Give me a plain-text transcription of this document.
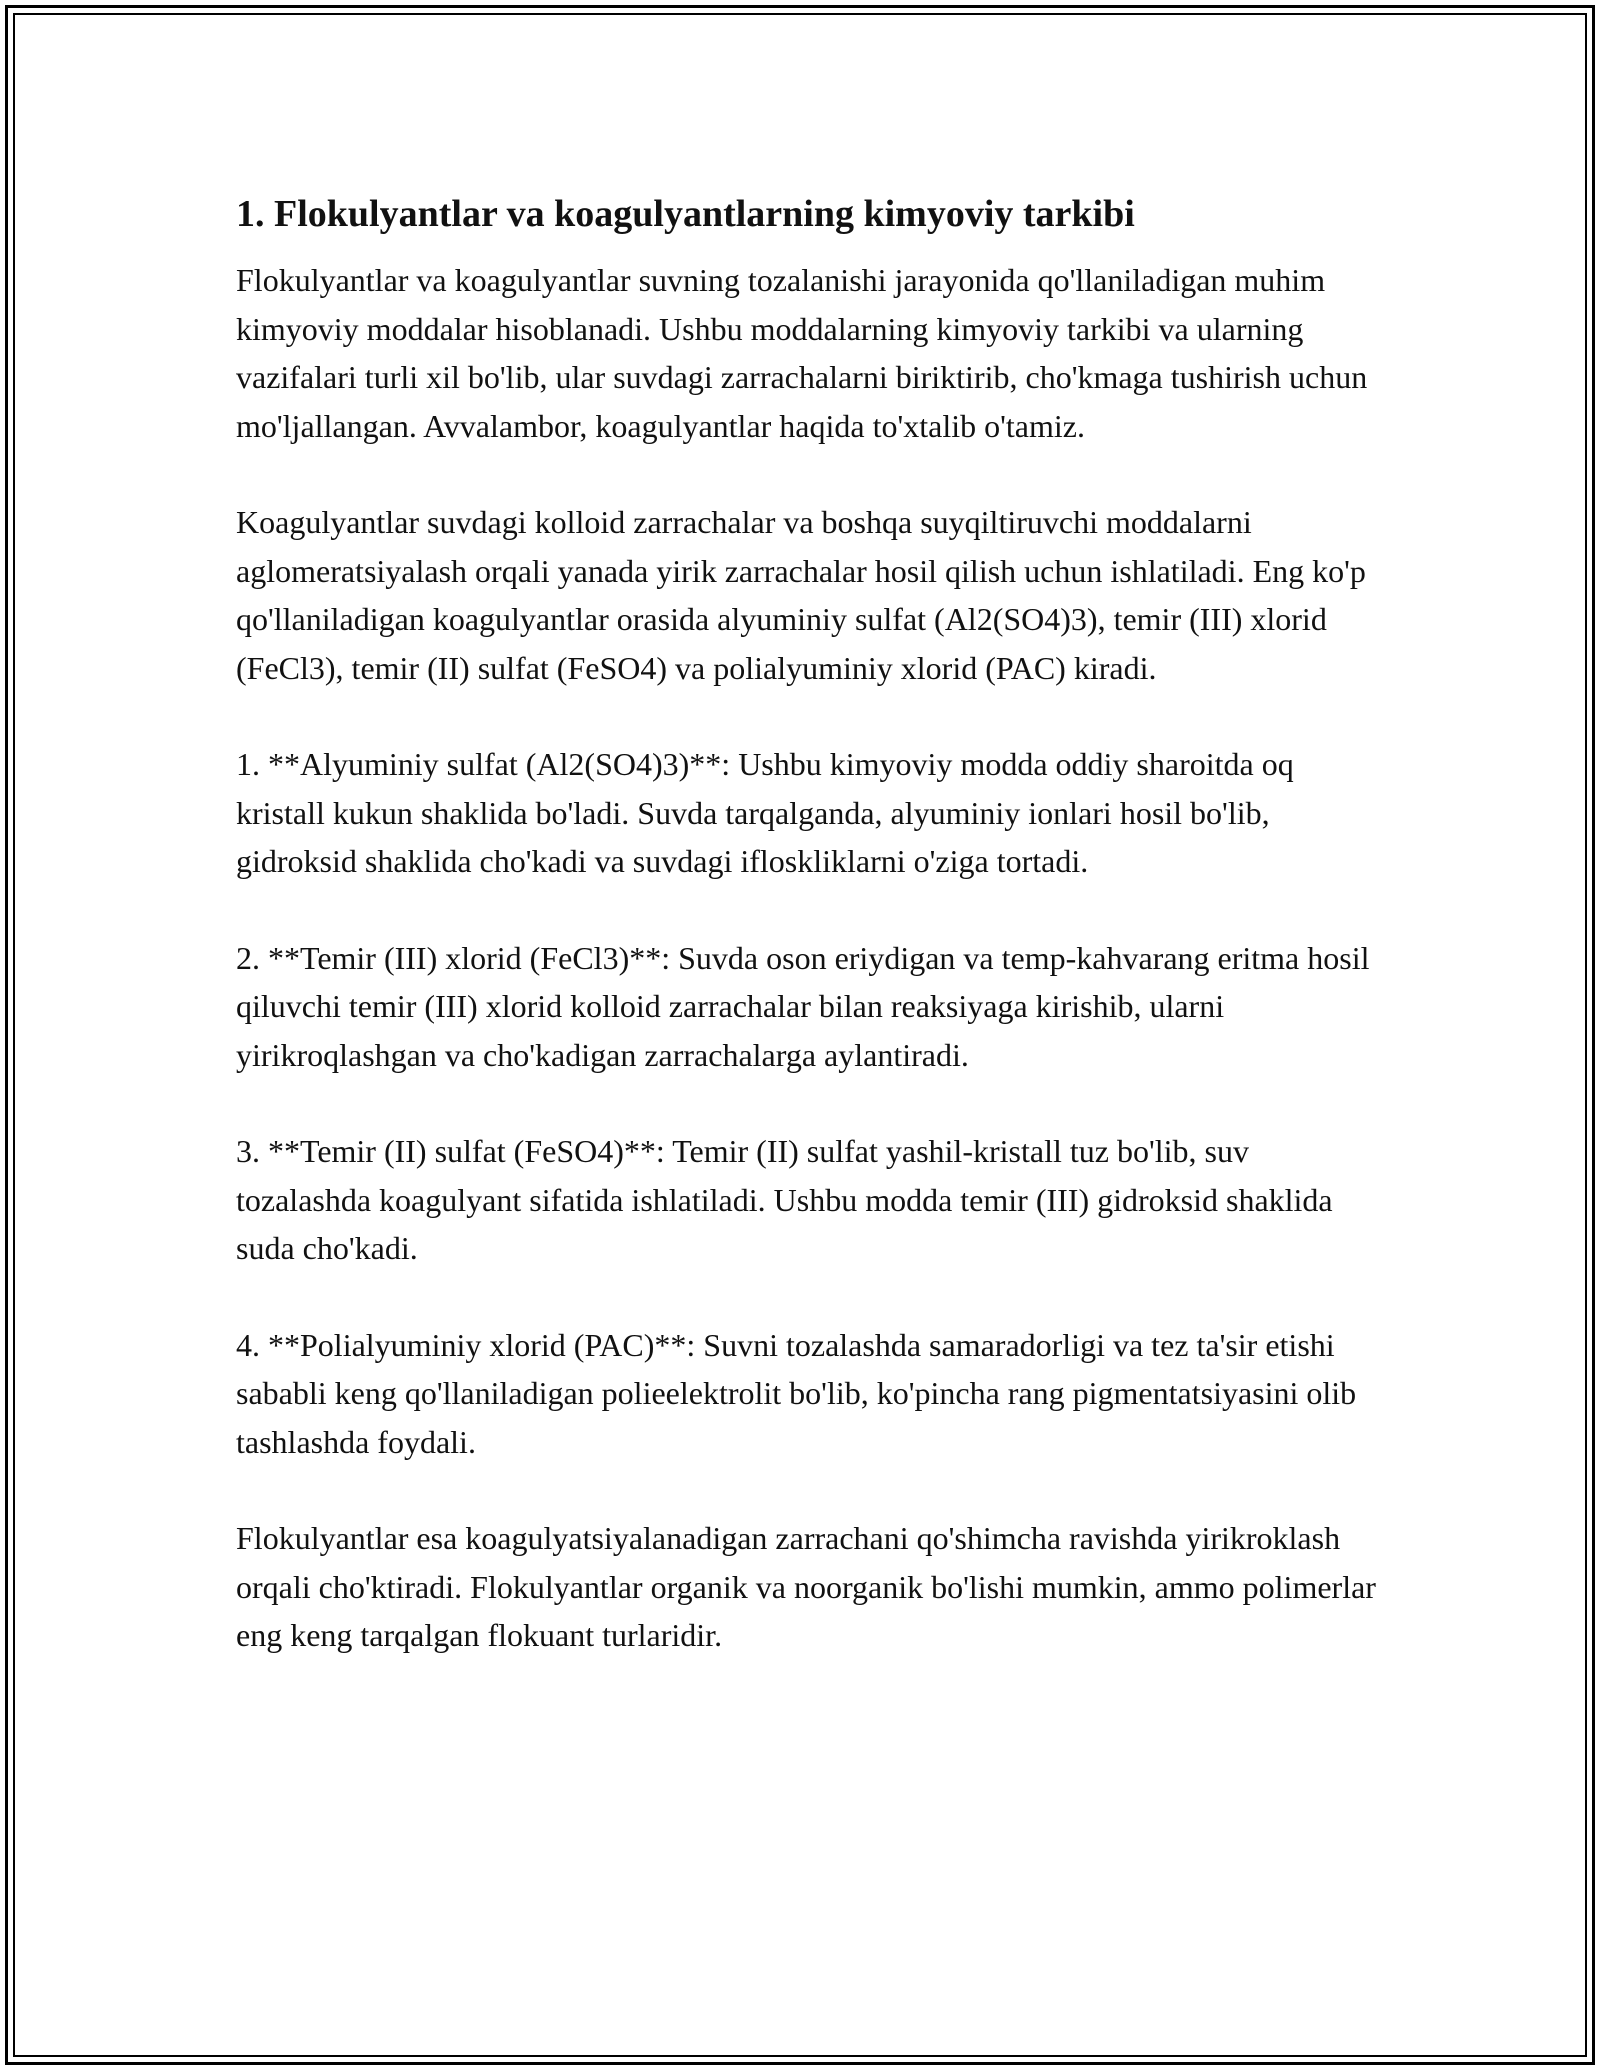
1. Flokulyantlar va koagulyantlarning kimyoviy tarkibi

Flokulyantlar va koagulyantlar suvning tozalanishi jarayonida qo'llaniladigan muhim kimyoviy moddalar hisoblanadi. Ushbu moddalarning kimyoviy tarkibi va ularning vazifalari turli xil bo'lib, ular suvdagi zarrachalarni biriktirib, cho'kmaga tushirish uchun mo'ljallangan. Avvalambor, koagulyantlar haqida to'xtalib o'tamiz.

Koagulyantlar suvdagi kolloid zarrachalar va boshqa suyqiltiruvchi moddalarni aglomeratsiyalash orqali yanada yirik zarrachalar hosil qilish uchun ishlatiladi. Eng ko'p qo'llaniladigan koagulyantlar orasida alyuminiy sulfat (Al2(SO4)3), temir (III) xlorid (FeCl3), temir (II) sulfat (FeSO4) va polialyuminiy xlorid (PAC) kiradi.

1. **Alyuminiy sulfat (Al2(SO4)3)**: Ushbu kimyoviy modda oddiy sharoitda oq kristall kukun shaklida bo'ladi. Suvda tarqalganda, alyuminiy ionlari hosil bo'lib, gidroksid shaklida cho'kadi va suvdagi ifloskliklarni o'ziga tortadi.

2. **Temir (III) xlorid (FeCl3)**: Suvda oson eriydigan va temp-kahvarang eritma hosil qiluvchi temir (III) xlorid kolloid zarrachalar bilan reaksiyaga kirishib, ularni yirikroqlashgan va cho'kadigan zarrachalarga aylantiradi.

3. **Temir (II) sulfat (FeSO4)**: Temir (II) sulfat yashil-kristall tuz bo'lib, suv tozalashda koagulyant sifatida ishlatiladi. Ushbu modda temir (III) gidroksid shaklida suda cho'kadi.

4. **Polialyuminiy xlorid (PAC)**: Suvni tozalashda samaradorligi va tez ta'sir etishi sababli keng qo'llaniladigan polieelektrolit bo'lib, ko'pincha rang pigmentatsiyasini olib tashlashda foydali.

Flokulyantlar esa koagulyatsiyalanadigan zarrachani qo'shimcha ravishda yirikroklash orqali cho'ktiradi. Flokulyantlar organik va noorganik bo'lishi mumkin, ammo polimerlar eng keng tarqalgan flokuant turlaridir.
